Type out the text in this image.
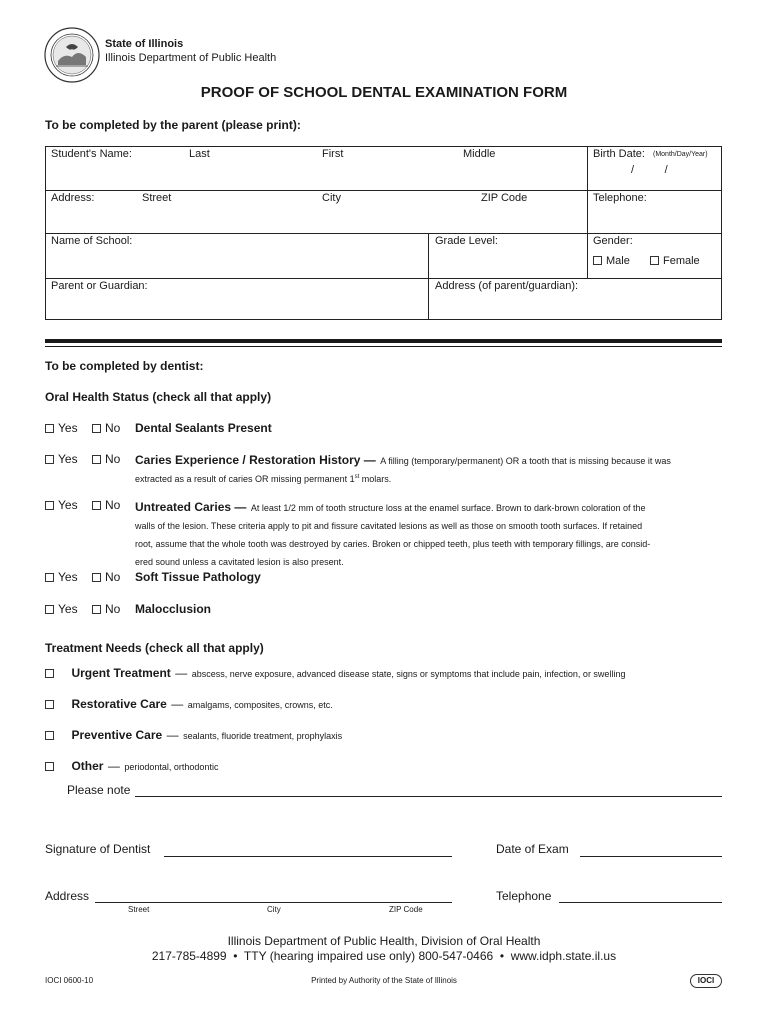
State of Illinois
Illinois Department of Public Health
PROOF OF SCHOOL DENTAL EXAMINATION FORM
To be completed by the parent (please print):
Student's Name:	Last	First	Middle	Birth Date: (Month/Day/Year)
/          /
Address:	Street	City	ZIP Code	Telephone:
Name of School:	Grade Level:	Gender:
Male	Female
Parent or Guardian:	Address (of parent/guardian):
To be completed by dentist:
Oral Health Status (check all that apply)
Yes	No Dental Sealants Present
Yes	No Caries Experience / Restoration History — A filling (temporary/permanent) OR a tooth that is missing because it was
extracted as a result of caries OR missing permanent 1st molars.
Yes	No Untreated Caries — At least 1/2 mm of tooth structure loss at the enamel surface. Brown to dark-brown coloration of the
walls of the lesion. These criteria apply to pit and fissure cavitated lesions as well as those on smooth tooth surfaces. If retained
root, assume that the whole tooth was destroyed by caries. Broken or chipped teeth, plus teeth with temporary fillings, are consid-
ered sound unless a cavitated lesion is also present.
Yes	No Soft Tissue Pathology
Yes	No Malocclusion
Treatment Needs (check all that apply)
Urgent Treatment — abscess, nerve exposure, advanced disease state, signs or symptoms that include pain, infection, or swelling
Restorative Care — amalgams, composites, crowns, etc.
Preventive Care — sealants, fluoride treatment, prophylaxis
Other — periodontal, orthodontic
Please note
Signature of Dentist	Date of Exam
Address	Telephone
Street	City	ZIP Code
Illinois Department of Public Health, Division of Oral Health
217-785-4899  •  TTY (hearing impaired use only) 800-547-0466  •  www.idph.state.il.us
IOCI 0600-10	Printed by Authority of the State of Illinois	IOCI
